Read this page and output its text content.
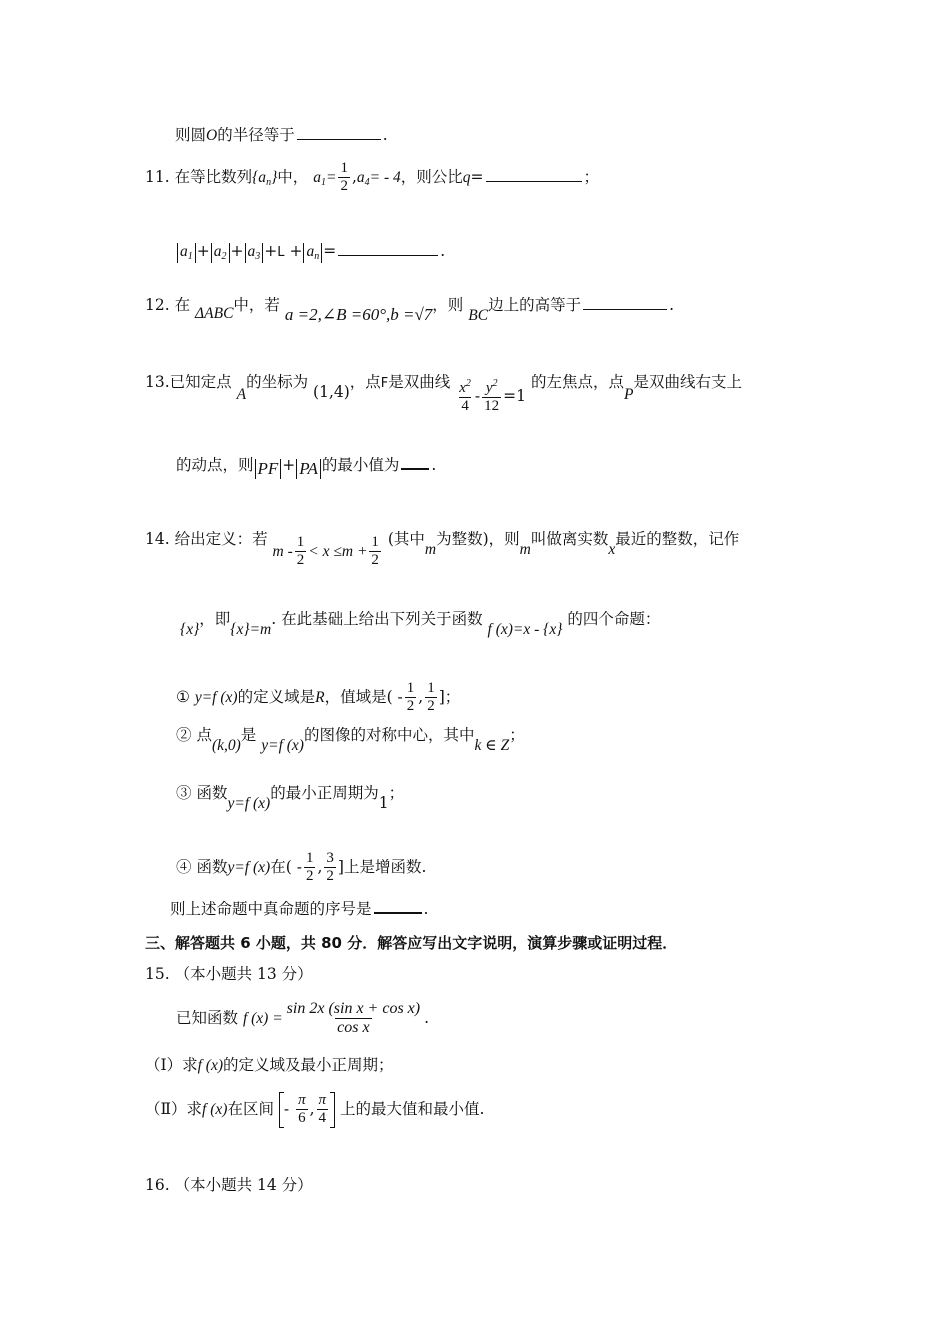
则圆O的半径等于	.
11. 在等比数列$\{a_n\}$中， $a_1= \frac{1}{2} ,a_4= - 4$，则公比q=	；
$a_1 + a_2 + a_3 +L + a_n$ =	.
12. 在 ΔABC中，若 a =2,∠B =60°,b =√7，则 BC边上的高等于	.
13.已知定点 A的坐标为 (1,4)，点F是双曲线 $\frac{x^2}{4} - \frac{y^2}{12} =1$ 的左焦点，点P是双曲线右支上
的动点，则 PF + PA 的最小值为 .
14. 给出定义：若 $m - \frac{1}{2} < x \le m + \frac{1}{2}$ (其中m为整数)，则m叫做离实数x最近的整数，记作
{x}，即{x}=m. 在此基础上给出下列关于函数 f (x)=x - {x} 的四个命题：
① y=f (x)的定义域是R，值域是( - $\frac{1}{2}$ , $\frac{1}{2}$ ]；
② 点(k,0)是 y=f (x)的图像的对称中心，其中k ∈ Z；
③ 函数y=f (x)的最小正周期为1；
④ 函数y=f (x)在( - $\frac{1}{2}$ , $\frac{3}{2}$ ]上是增函数.
则上述命题中真命题的序号是	.
三、解答题共 6 小题，共 80 分．解答应写出文字说明，演算步骤或证明过程．
15. （本小题共 13 分）
已知函数 f $(x) = \frac{\text{sin 2x (sin x + cos x)}}{\text{cos x}}$ .
（Ⅰ）求f (x)的定义域及最小正周期；
（Ⅱ）求f (x)在区间 -
$\frac{\pi}{6}$ , $\frac{\pi}{4}$ 上的最大值和最小值.
16. （本小题共 14 分）
